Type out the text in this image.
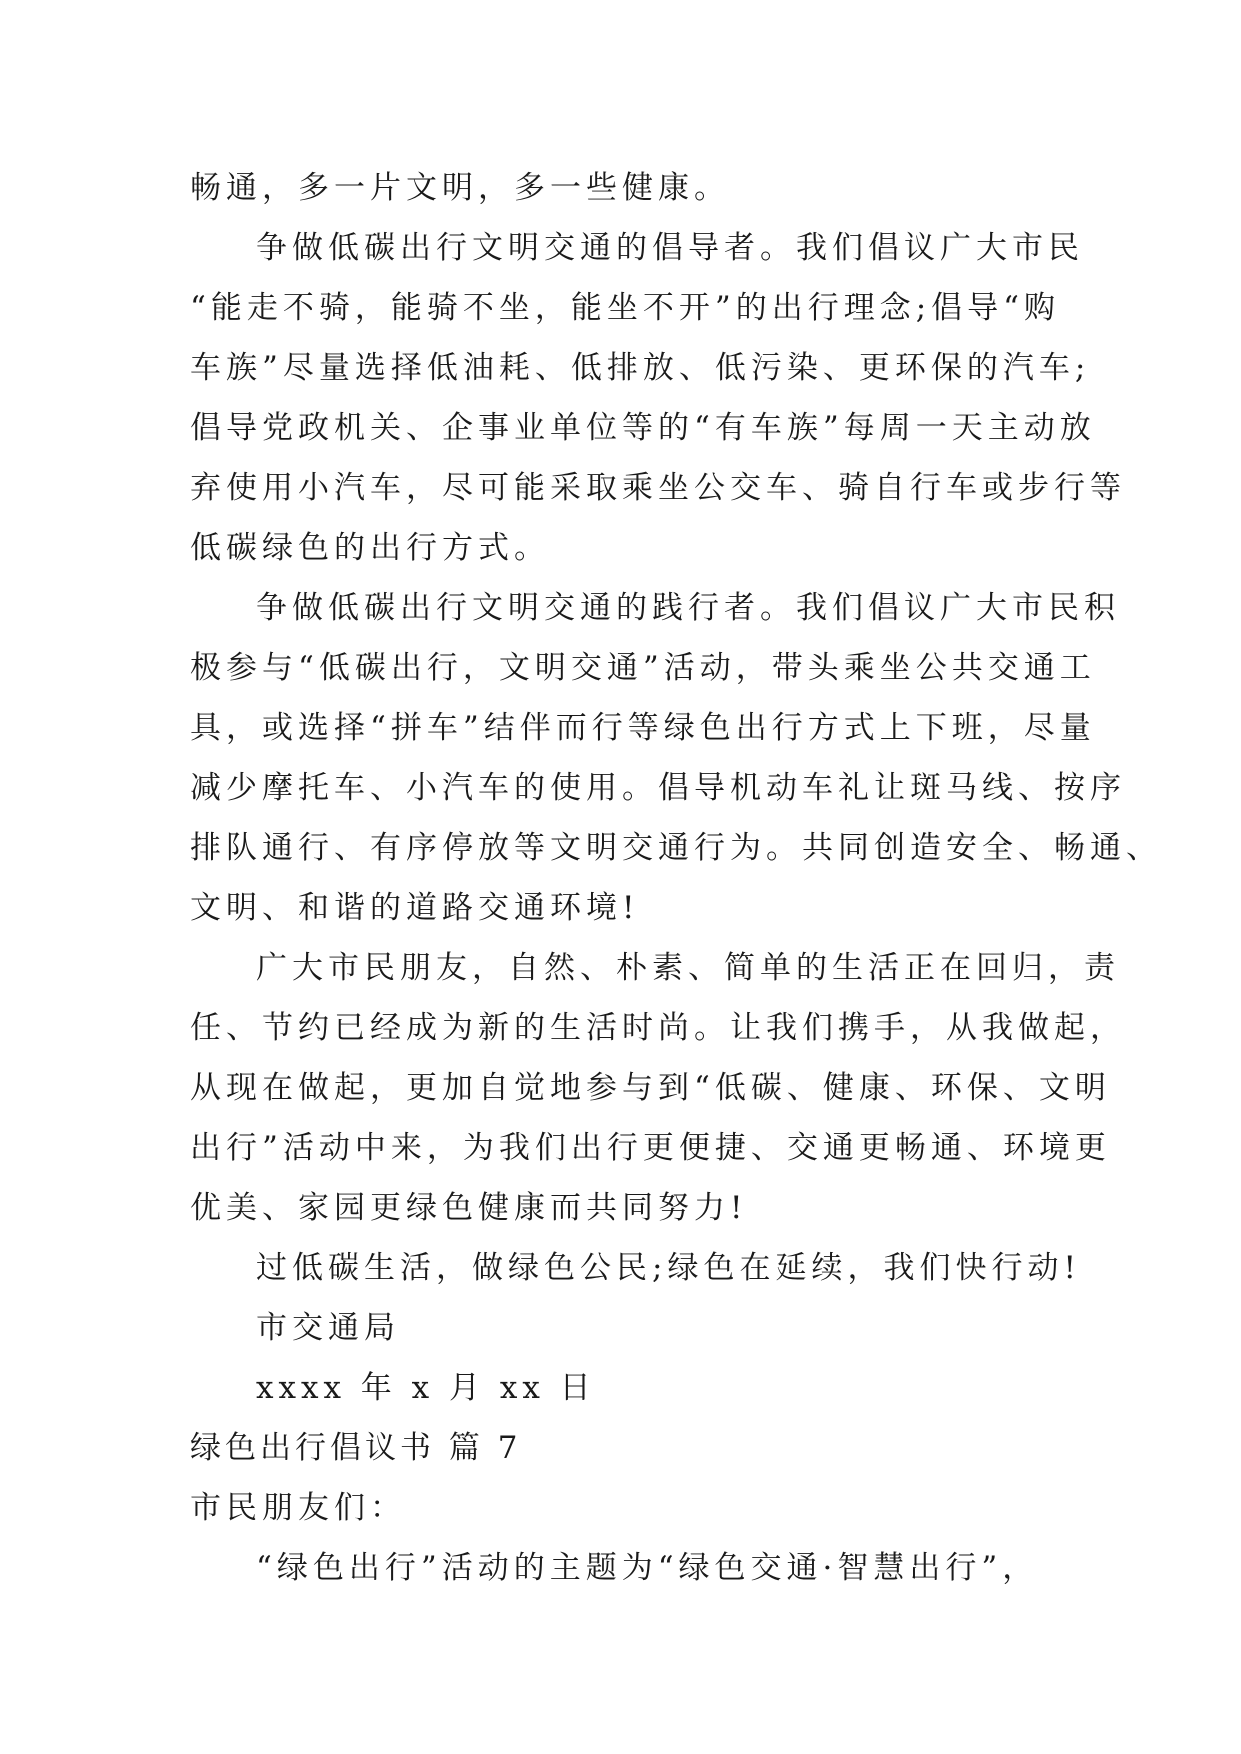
畅通，多一片文明，多一些健康。
争做低碳出行文明交通的倡导者。我们倡议广大市民
“能走不骑，能骑不坐，能坐不开”的出行理念;倡导“购
车族”尽量选择低油耗、低排放、低污染、更环保的汽车;
倡导党政机关、企事业单位等的“有车族”每周一天主动放
弃使用小汽车，尽可能采取乘坐公交车、骑自行车或步行等
低碳绿色的出行方式。
争做低碳出行文明交通的践行者。我们倡议广大市民积
极参与“低碳出行，文明交通”活动，带头乘坐公共交通工
具，或选择“拼车”结伴而行等绿色出行方式上下班，尽量
减少摩托车、小汽车的使用。倡导机动车礼让斑马线、按序
排队通行、有序停放等文明交通行为。共同创造安全、畅通、
文明、和谐的道路交通环境!
广大市民朋友，自然、朴素、简单的生活正在回归，责
任、节约已经成为新的生活时尚。让我们携手，从我做起，
从现在做起，更加自觉地参与到“低碳、健康、环保、文明
出行”活动中来，为我们出行更便捷、交通更畅通、环境更
优美、家园更绿色健康而共同努力!
过低碳生活，做绿色公民;绿色在延续，我们快行动!
市交通局
xxxx 年 x 月 xx 日
绿色出行倡议书 篇 7
市民朋友们：
“绿色出行”活动的主题为“绿色交通·智慧出行”，
